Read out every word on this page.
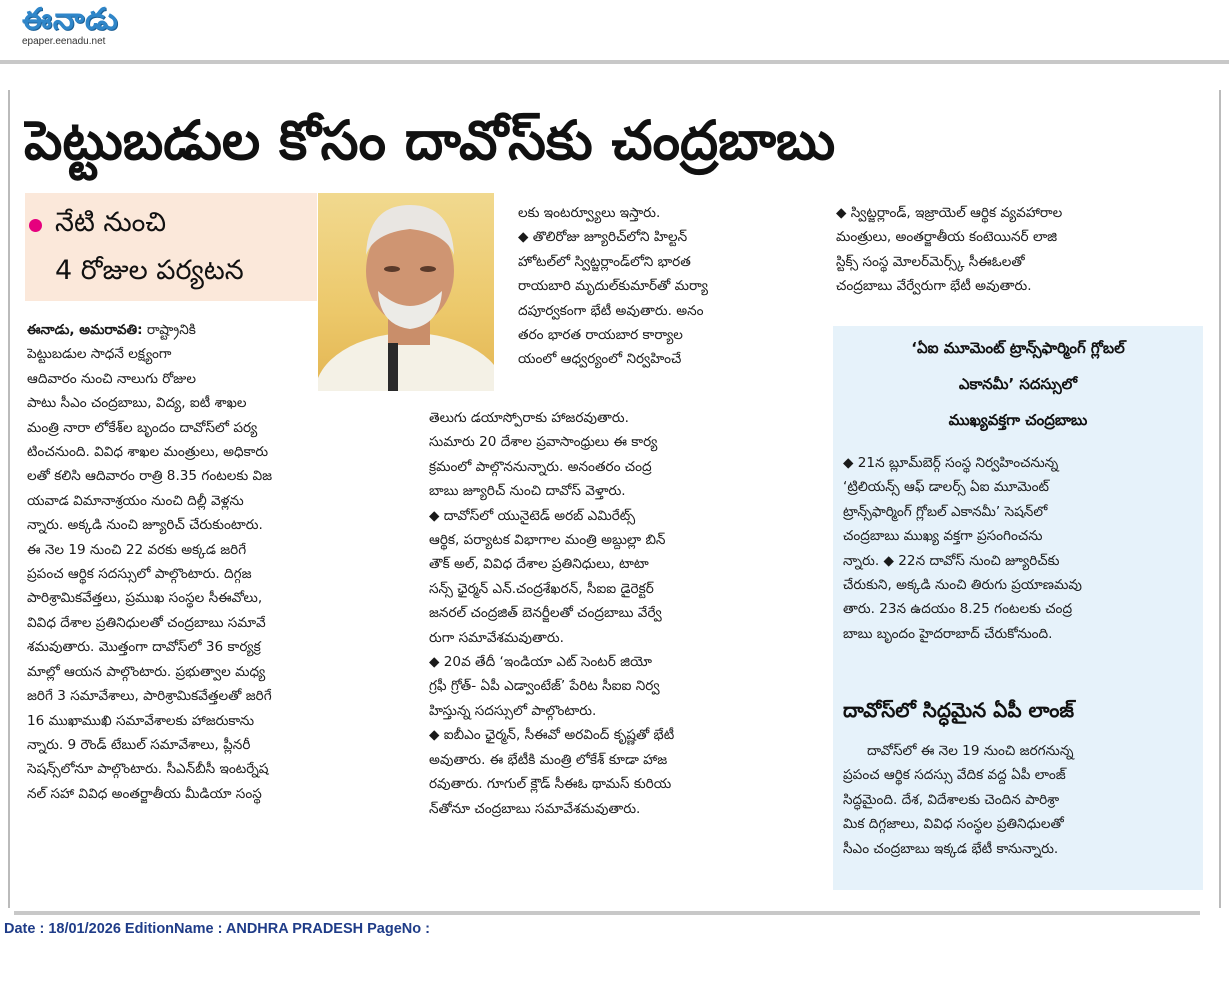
ఈనాడు
epaper.eenadu.net
పెట్టుబడుల కోసం దావోస్‌కు చంద్రబాబు
నేటి నుంచి
4 రోజుల పర్యటన

ఈనాడు, అమరావతి: రాష్ట్రానికి

పెట్టుబడుల సాధనే లక్ష్యంగా

ఆదివారం నుంచి నాలుగు రోజుల

పాటు సీఎం చంద్రబాబు, విద్య, ఐటీ శాఖల

మంత్రి నారా లోకేశ్‌ల బృందం దావోస్‌లో పర్య

టించనుంది. వివిధ శాఖల మంత్రులు, అధికారు

లతో కలిసి ఆదివారం రాత్రి 8.35 గంటలకు విజ

యవాడ విమానాశ్రయం నుంచి దిల్లీ వెళ్లను

న్నారు. అక్కడి నుంచి జ్యూరిచ్ చేరుకుంటారు.

ఈ నెల 19 నుంచి 22 వరకు అక్కడ జరిగే

ప్రపంచ ఆర్థిక సదస్సులో పాల్గొంటారు. దిగ్గజ

పారిశ్రామికవేత్తలు, ప్రముఖ సంస్థల సీఈవోలు,

వివిధ దేశాల ప్రతినిధులతో చంద్రబాబు సమావే

శమవుతారు. మొత్తంగా దావోస్‌లో 36 కార్యక్ర

మాల్లో ఆయన పాల్గొంటారు. ప్రభుత్వాల మధ్య

జరిగే 3 సమావేశాలు, పారిశ్రామికవేత్తలతో జరిగే

16 ముఖాముఖి సమావేశాలకు హాజరుకాను

న్నారు. 9 రౌండ్ టేబుల్ సమావేశాలు, ప్లీనరీ

సెషన్స్‌లోనూ పాల్గొంటారు. సీఎన్‌బీసీ ఇంటర్నేష

నల్ సహా వివిధ అంతర్జాతీయ మీడియా సంస్థ

లకు ఇంటర్వ్యూలు ఇస్తారు.

◆ తొలిరోజు జ్యూరిచ్‌లోని హిల్టన్

హోటల్‌లో స్విట్జర్లాండ్‌లోని భారత

రాయబారి మృదుల్‌కుమార్‌తో మర్యా

దపూర్వకంగా భేటీ అవుతారు. అనం

తరం భారత రాయబార కార్యాల

యంలో ఆధ్వర్యంలో నిర్వహించే

తెలుగు డయాస్పోరాకు హాజరవుతారు.

సుమారు 20 దేశాల ప్రవాసాంధ్రులు ఈ కార్య

క్రమంలో పాల్గొననున్నారు. అనంతరం చంద్ర

బాబు జ్యూరిచ్ నుంచి దావోస్ వెళ్తారు.

◆ దావోస్‌లో యునైటెడ్ అరబ్ ఎమిరేట్స్

ఆర్థిక, పర్యాటక విభాగాల మంత్రి అబ్దుల్లా బిన్

తౌక్ అల్, వివిధ దేశాల ప్రతినిధులు, టాటా

సన్స్ ఛైర్మన్ ఎన్.చంద్రశేఖరన్, సీఐఐ డైరెక్టర్

జనరల్ చంద్రజిత్ బెనర్జీలతో చంద్రబాబు వేర్వే

రుగా సమావేశమవుతారు.

◆ 20వ తేదీ ‘ఇండియా ఎట్ సెంటర్ జియో

గ్రఫీ గ్రోత్- ఏపీ ఎడ్వాంటేజ్’ పేరిట సీఐఐ నిర్వ

హిస్తున్న సదస్సులో పాల్గొంటారు.

◆ ఐబీఎం ఛైర్మన్, సీఈవో అరవింద్ కృష్ణతో భేటీ

అవుతారు. ఈ భేటీకి మంత్రి లోకేశ్ కూడా హాజ

రవుతారు. గూగుల్ క్లౌడ్ సీఈఓ థామస్ కురియ

న్‌తోనూ చంద్రబాబు సమావేశమవుతారు.

◆ స్విట్జర్లాండ్, ఇజ్రాయెల్ ఆర్థిక వ్యవహారాల

మంత్రులు, అంతర్జాతీయ కంటెయినర్ లాజి

స్టిక్స్ సంస్థ మోలర్‌మెర్స్క్ సీఈఓలతో

చంద్రబాబు వేర్వేరుగా భేటీ అవుతారు.

‘ఏఐ మూమెంట్ ట్రాన్స్‌ఫార్మింగ్ గ్లోబల్
ఎకానమీ’ సదస్సులో
ముఖ్యవక్తగా చంద్రబాబు

◆ 21న బ్లూమ్‌బెర్గ్ సంస్థ నిర్వహించనున్న

‘ట్రిలియన్స్ ఆఫ్ డాలర్స్ ఏఐ మూమెంట్

ట్రాన్స్‌ఫార్మింగ్ గ్లోబల్ ఎకానమీ’ సెషన్‌లో

చంద్రబాబు ముఖ్య వక్తగా ప్రసంగించను

న్నారు. ◆ 22న దావోస్ నుంచి జ్యూరిచ్‌కు

చేరుకుని, అక్కడి నుంచి తిరుగు ప్రయాణమవు

తారు. 23న ఉదయం 8.25 గంటలకు చంద్ర

బాబు బృందం హైదరాబాద్ చేరుకోనుంది.

దావోస్‌లో సిద్ధమైన ఏపీ లాంజ్

దావోస్‌లో ఈ నెల 19 నుంచి జరగనున్న

ప్రపంచ ఆర్థిక సదస్సు వేదిక వద్ద ఏపీ లాంజ్

సిద్ధమైంది. దేశ, విదేశాలకు చెందిన పారిశ్రా

మిక దిగ్గజాలు, వివిధ సంస్థల ప్రతినిధులతో

సీఎం చంద్రబాబు ఇక్కడ భేటీ కానున్నారు.

Date : 18/01/2026 EditionName : ANDHRA PRADESH PageNo :
